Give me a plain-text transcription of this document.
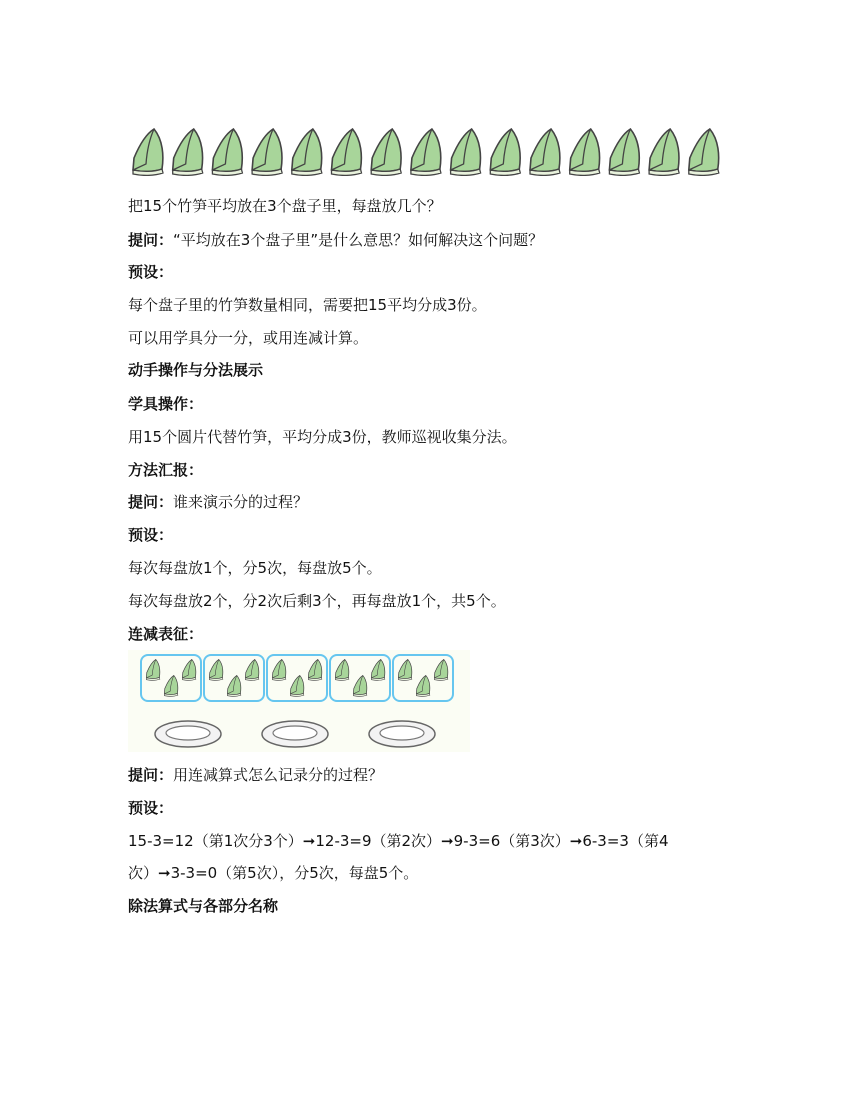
把15个竹笋平均放在3个盘子里，每盘放几个？
提问：“平均放在3个盘子里”是什么意思？如何解决这个问题？
预设：
每个盘子里的竹笋数量相同，需要把15平均分成3份。
可以用学具分一分，或用连减计算。
动手操作与分法展示
学具操作：
用15个圆片代替竹笋，平均分成3份，教师巡视收集分法。
方法汇报：
提问：谁来演示分的过程？
预设：
每次每盘放1个，分5次，每盘放5个。
每次每盘放2个，分2次后剩3个，再每盘放1个，共5个。
连减表征：
提问：用连减算式怎么记录分的过程？
预设：
15-3=12（第1次分3个）➞12-3=9（第2次）➞9-3=6（第3次）➞6-3=3（第4
次）➞3-3=0（第5次），分5次，每盘5个。
除法算式与各部分名称
